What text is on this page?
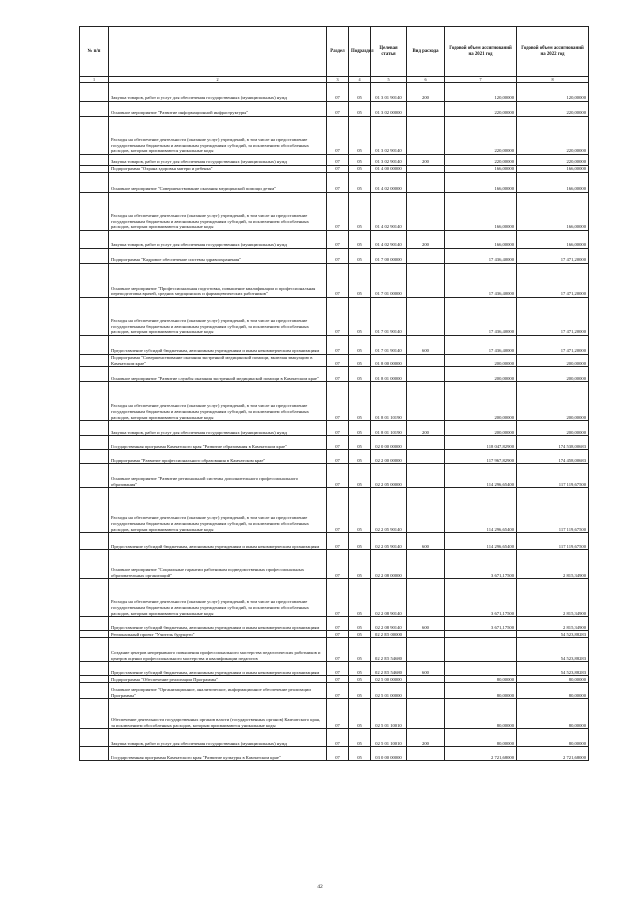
№ п/п		Раздел	Подраздел	Целевая статья	Вид расхода	Годовой объем ассигнований на 2021 год	Годовой объем ассигнований на 2022 год
1	2	3	4	5	6	7	8
	Закупка товаров, работ и услуг для обеспечения государственных (муниципальных) нужд	07	05	01 3 01 90140	200	120,00000	120,00000
	Основное мероприятие "Развитие информационной инфраструктуры"	07	05	01 3 02 00000		220,00000	220,00000
	Расходы на обеспечение деятельности (оказание услуг) учреждений, в том числе на предоставление государственным бюджетным и автономным учреждениям субсидий, за исключением обособленных расходов, которым присваиваются уникальные коды	07	05	01 3 02 90140		220,00000	220,00000
	Закупка товаров, работ и услуг для обеспечения государственных (муниципальных) нужд	07	05	01 3 02 90140	200	220,00000	220,00000
	Подпрограмма "Охрана здоровья матери и ребенка"	07	05	01 4 00 00000		166,00000	166,00000
	Основное мероприятие "Совершенствование оказания медицинской помощи детям"	07	05	01 4 02 00000		166,00000	166,00000
	Расходы на обеспечение деятельности (оказание услуг) учреждений, в том числе на предоставление государственным бюджетным и автономным учреждениям субсидий, за исключением обособленных расходов, которым присваиваются уникальные коды	07	05	01 4 02 90140		166,00000	166,00000
	Закупка товаров, работ и услуг для обеспечения государственных (муниципальных) нужд	07	05	01 4 02 90140	200	166,00000	166,00000
	Подпрограмма "Кадровое обеспечение системы здравоохранения"	07	05	01 7 00 00000		17 436,40000	17 471,20000
	Основное мероприятие "Профессиональная подготовка, повышение квалификации и профессиональная переподготовка врачей, средних медицинских и фармацевтических работников"	07	05	01 7 01 00000		17 436,40000	17 471,20000
	Расходы на обеспечение деятельности (оказание услуг) учреждений, в том числе на предоставление государственным бюджетным и автономным учреждениям субсидий, за исключением обособленных расходов, которым присваиваются уникальные коды	07	05	01 7 01 90140		17 436,40000	17 471,20000
	Предоставление субсидий бюджетным, автономным учреждениям и иным некоммерческим организациям	07	05	01 7 01 90140	600	17 436,40000	17 471,20000
	Подпрограмма "Совершенствование оказания экстренной медицинской помощи, включая эвакуацию в Камчатском крае"	07	05	01 8 00 00000		200,00000	200,00000
	Основное мероприятие "Развитие службы оказания экстренной медицинской помощи в Камчатском крае"	07	05	01 8 01 00000		200,00000	200,00000
	Расходы на обеспечение деятельности (оказание услуг) учреждений, в том числе на предоставление государственным бюджетным и автономным учреждениям субсидий, за исключением обособленных расходов, которым присваиваются уникальные коды	07	05	01 8 01 10190		200,00000	200,00000
	Закупка товаров, работ и услуг для обеспечения государственных (муниципальных) нужд	07	05	01 8 01 10190	200	200,00000	200,00000
	Государственная программа Камчатского края "Развитие образования в Камчатском крае"	07	05	02 0 00 00000		118 047,82900	174 538,00683
	Подпрограмма "Развитие профессионального образования в Камчатском крае"	07	05	02 2 00 00000		117 967,82900	174 458,00683
	Основное мероприятие "Развитие региональной системы дополнительного профессионального образования"	07	05	02 2 05 00000		114 296,65400	117 119,67500
	Расходы на обеспечение деятельности (оказание услуг) учреждений, в том числе на предоставление государственным бюджетным и автономным учреждениям субсидий, за исключением обособленных расходов, которым присваиваются уникальные коды	07	05	02 2 05 90140		114 296,65400	117 119,67500
	Предоставление субсидий бюджетным, автономным учреждениям и иным некоммерческим организациям	07	05	02 2 05 90140	600	114 296,65400	117 119,67500
	Основное мероприятие "Социальные гарантии работникам подведомственных профессиональных образовательных организаций"	07	05	02 2 08 00000		3 671,17500	2 815,34900
	Расходы на обеспечение деятельности (оказание услуг) учреждений, в том числе на предоставление государственным бюджетным и автономным учреждениям субсидий, за исключением обособленных расходов, которым присваиваются уникальные коды	07	05	02 2 08 90140		3 671,17500	2 815,34900
	Предоставление субсидий бюджетным, автономным учреждениям и иным некоммерческим организациям	07	05	02 2 08 90140	600	3 671,17500	2 815,34900
	Региональный проект "Учитель будущего"	07	05	02 2 E5 00000			54 523,88283
	Создание центров непрерывного повышения профессионального мастерства педагогических работников и центров оценки профессионального мастерства и квалификации педагогов	07	05	02 2 E5 54680			54 523,88283
	Предоставление субсидий бюджетным, автономным учреждениям и иным некоммерческим организациям	07	05	02 2 E5 54680	600		54 523,88283
	Подпрограмма "Обеспечение реализации Программы"	07	05	02 5 00 00000		80,00000	80,00000
	Основное мероприятие "Организационное, аналитическое, информационное обеспечение реализации Программы"	07	05	02 5 01 00000		80,00000	80,00000
	Обеспечение деятельности государственных органов власти (государственных органов) Камчатского края, за исключением обособленных расходов, которым присваиваются уникальные коды	07	05	02 5 01 10010		80,00000	80,00000
	Закупка товаров, работ и услуг для обеспечения государственных (муниципальных) нужд	07	05	02 5 01 10010	200	80,00000	80,00000
	Государственная программа Камчатского края "Развитие культуры в Камчатском крае"	07	05	03 0 00 00000		2 721,68000	2 721,68000
42
